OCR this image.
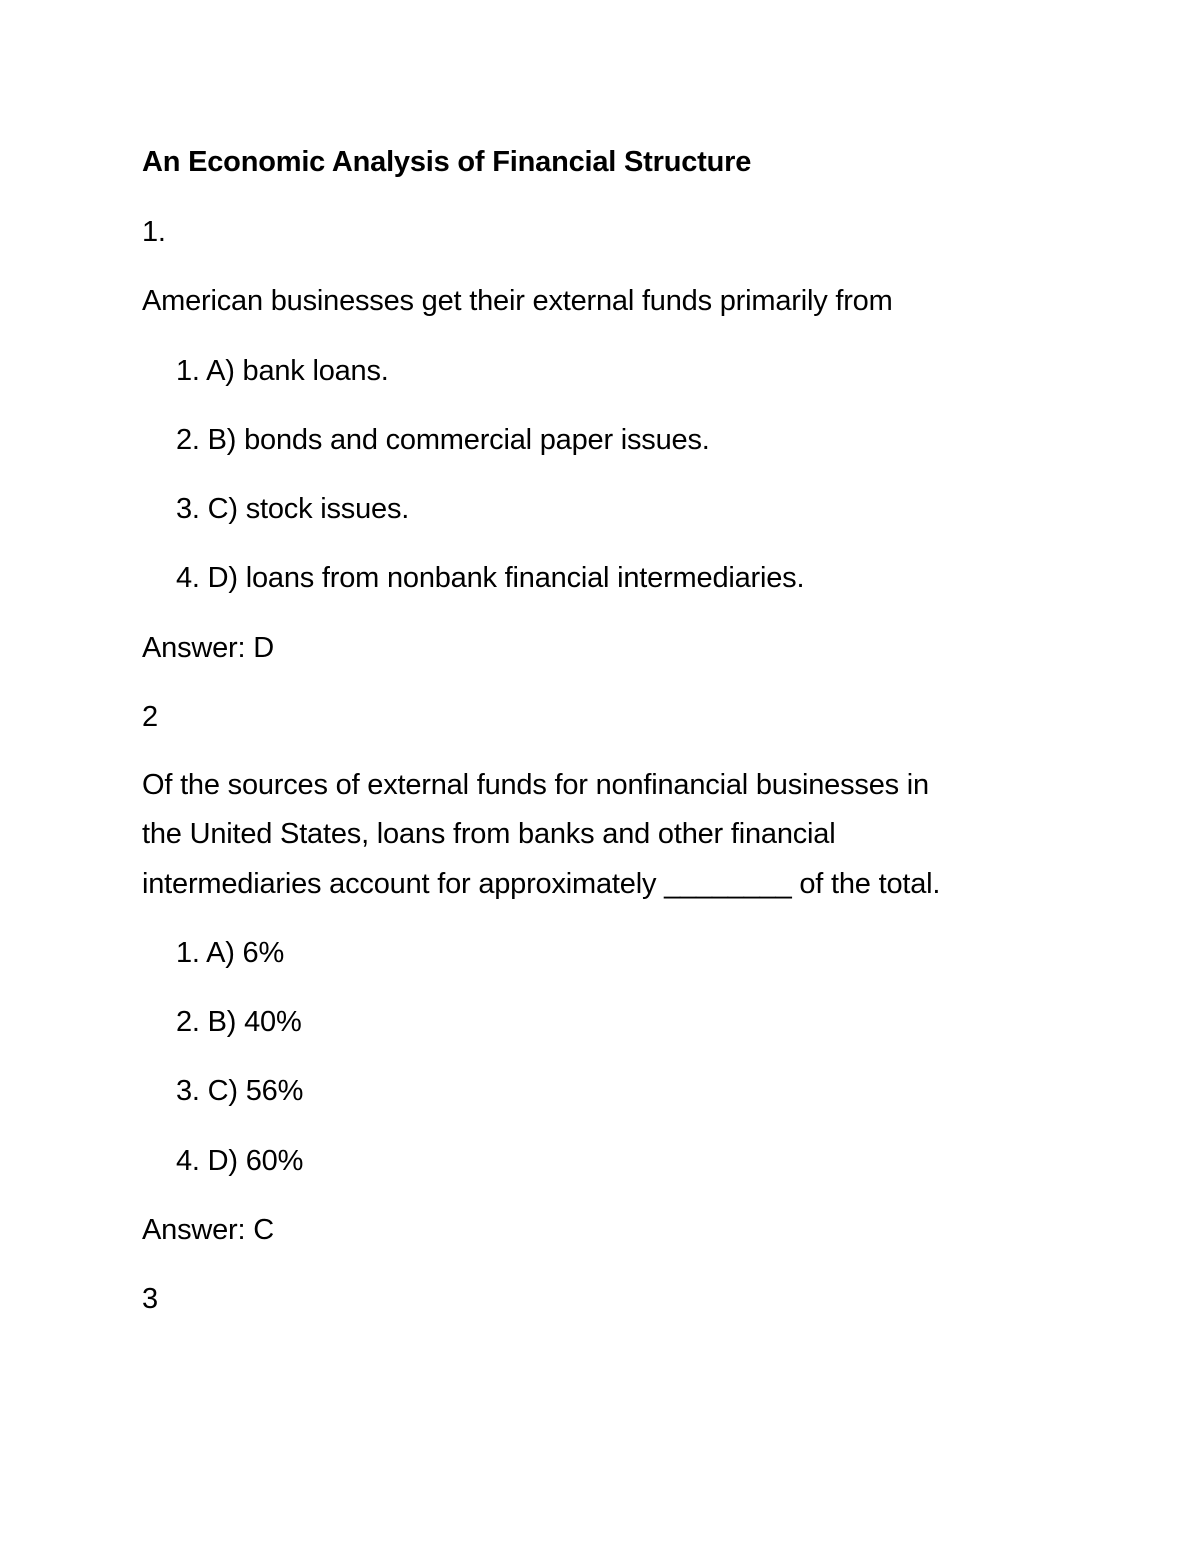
An Economic Analysis of Financial Structure
1.
American businesses get their external funds primarily from
1. A) bank loans.
2. B) bonds and commercial paper issues.
3. C) stock issues.
4. D) loans from nonbank financial intermediaries.
Answer: D
2
Of the sources of external funds for nonfinancial businesses in
the United States, loans from banks and other financial
intermediaries account for approximately ________ of the total.
1. A) 6%
2. B) 40%
3. C) 56%
4. D) 60%
Answer: C
3
